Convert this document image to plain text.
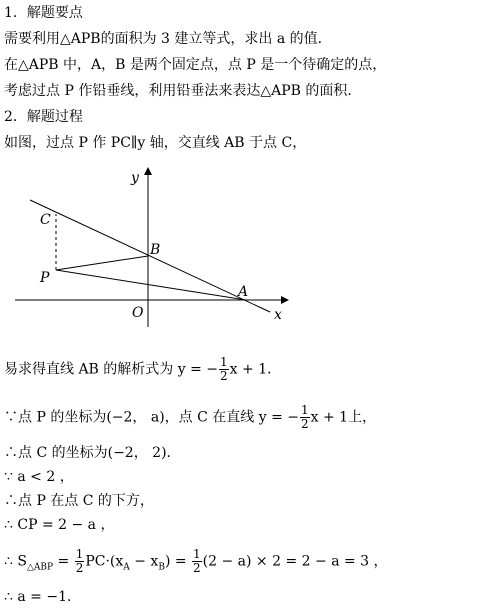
1．解题要点
需要利用△APB的面积为 3 建立等式，求出 a 的值．
在△APB 中，A，B 是两个固定点，点 P 是一个待确定的点，
考虑过点 P 作铅垂线，利用铅垂法来表达△APB 的面积．
2．解题过程
如图，过点 P 作 PC∥y 轴，交直线 AB 于点 C，
y
x
O
A
B
C
P
易求得直线 AB 的解析式为 y = − $\frac{1}{2}$ x + 1．
∵点 P 的坐标为(−2， a)，点 C 在直线 y = − $\frac{1}{2}$ x + 1上，
∴点 C 的坐标为(−2， 2)．
∵ a < 2 ，
∴点 P 在点 C 的下方，
∴ CP = 2 − a ，
∴ $S_{\triangle ABP} = \frac{1}{2} PC\cdot(x_A - x_B) = \frac{1}{2} (2 - a) \times 2 = 2 - a = 3$ ，
∴ a = −1．
